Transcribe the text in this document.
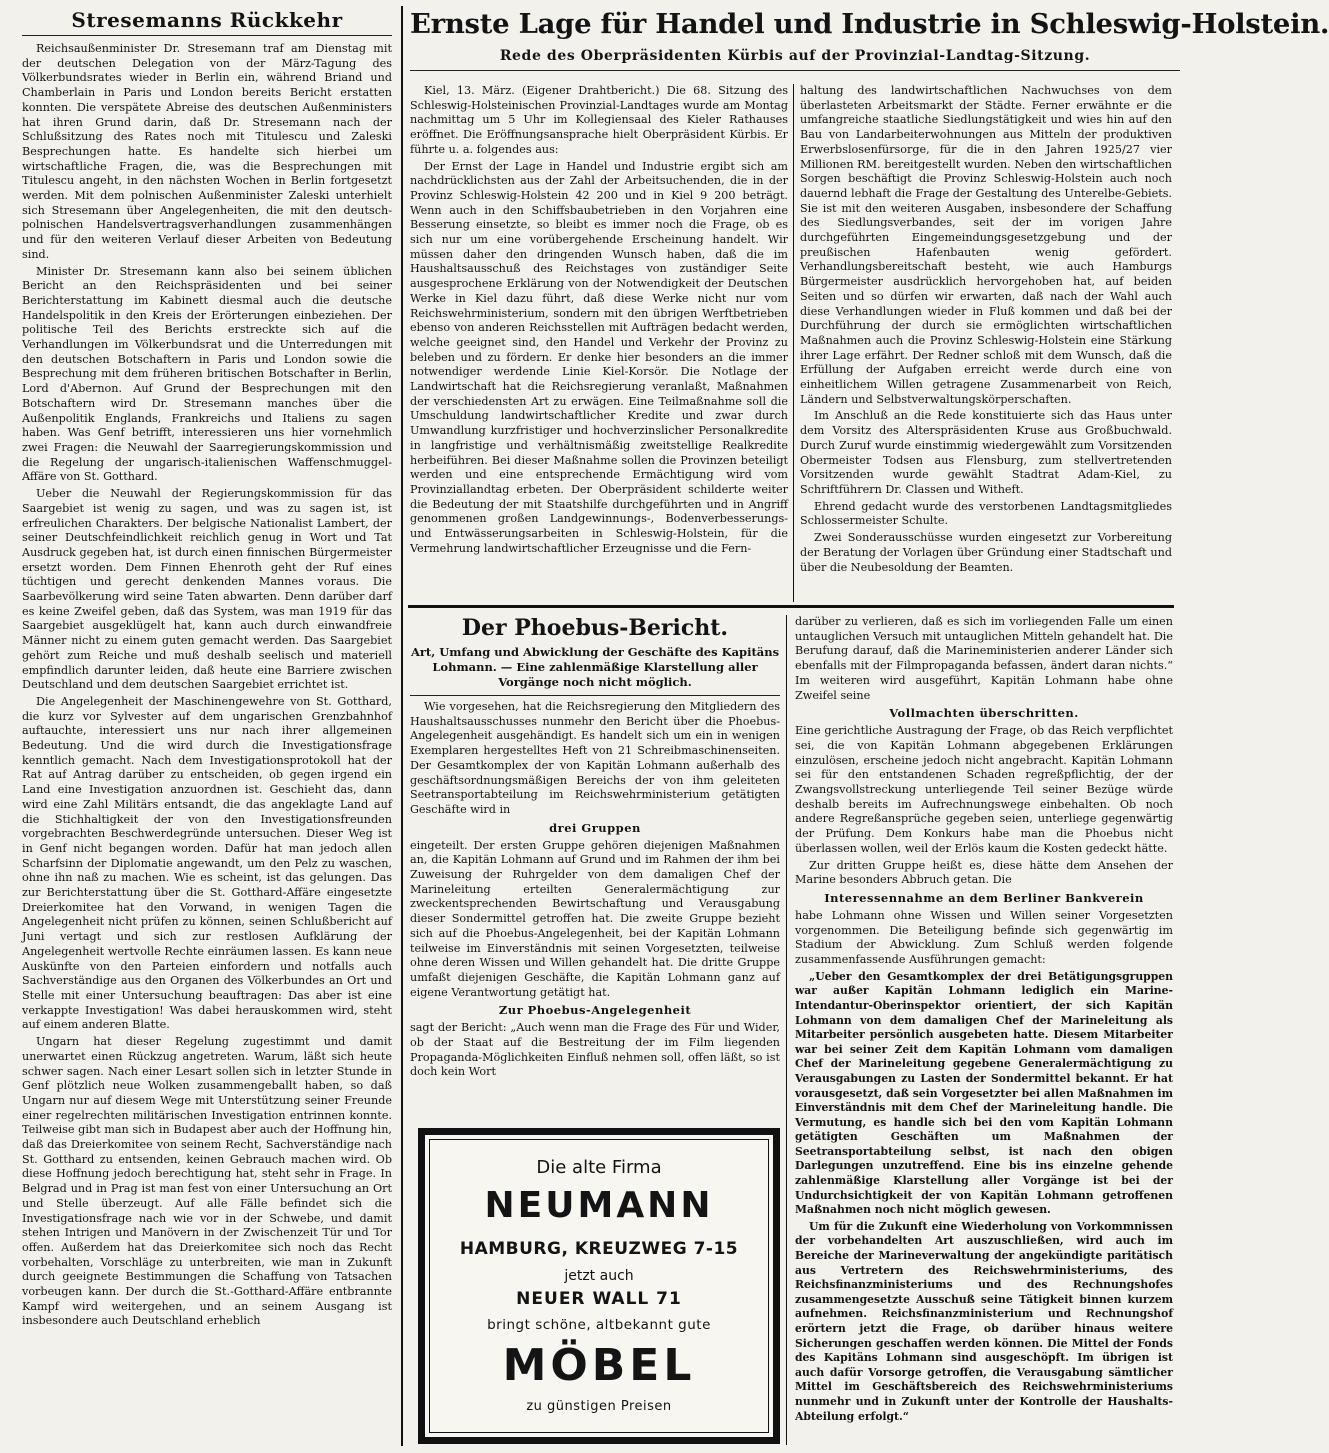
Stresemanns Rückkehr

Reichsaußenminister Dr. Stresemann traf am Dienstag mit der deutschen Delegation von der März-Tagung des Völkerbundsrates wieder in Berlin ein, während Briand und Chamberlain in Paris und London bereits Bericht erstatten konnten. Die verspätete Abreise des deutschen Außenministers hat ihren Grund darin, daß Dr. Stresemann nach der Schlußsitzung des Rates noch mit Titulescu und Zaleski Besprechungen hatte. Es handelte sich hierbei um wirtschaftliche Fragen, die, was die Besprechungen mit Titulescu angeht, in den nächsten Wochen in Berlin fortgesetzt werden. Mit dem polnischen Außenminister Zaleski unterhielt sich Stresemann über Angelegenheiten, die mit den deutsch-polnischen Handelsvertragsverhandlungen zusammenhängen und für den weiteren Verlauf dieser Arbeiten von Bedeutung sind.

Minister Dr. Stresemann kann also bei seinem üblichen Bericht an den Reichspräsidenten und bei seiner Berichterstattung im Kabinett diesmal auch die deutsche Handelspolitik in den Kreis der Erörterungen einbeziehen. Der politische Teil des Berichts erstreckte sich auf die Verhandlungen im Völkerbundsrat und die Unterredungen mit den deutschen Botschaftern in Paris und London sowie die Besprechung mit dem früheren britischen Botschafter in Berlin, Lord d'Abernon. Auf Grund der Besprechungen mit den Botschaftern wird Dr. Stresemann manches über die Außenpolitik Englands, Frankreichs und Italiens zu sagen haben. Was Genf betrifft, interessieren uns hier vornehmlich zwei Fragen: die Neuwahl der Saarregierungskommission und die Regelung der ungarisch-italienischen Waffenschmuggel-Affäre von St. Gotthard.

Ueber die Neuwahl der Regierungskommission für das Saargebiet ist wenig zu sagen, und was zu sagen ist, ist erfreulichen Charakters. Der belgische Nationalist Lambert, der seiner Deutschfeindlichkeit reichlich genug in Wort und Tat Ausdruck gegeben hat, ist durch einen finnischen Bürgermeister ersetzt worden. Dem Finnen Ehenroth geht der Ruf eines tüchtigen und gerecht denkenden Mannes voraus. Die Saarbevölkerung wird seine Taten abwarten. Denn darüber darf es keine Zweifel geben, daß das System, was man 1919 für das Saargebiet ausgeklügelt hat, kann auch durch einwandfreie Männer nicht zu einem guten gemacht werden. Das Saargebiet gehört zum Reiche und muß deshalb seelisch und materiell empfindlich darunter leiden, daß heute eine Barriere zwischen Deutschland und dem deutschen Saargebiet errichtet ist.

Die Angelegenheit der Maschinengewehre von St. Gotthard, die kurz vor Sylvester auf dem ungarischen Grenzbahnhof auftauchte, interessiert uns nur nach ihrer allgemeinen Bedeutung. Und die wird durch die Investigationsfrage kenntlich gemacht. Nach dem Investigationsprotokoll hat der Rat auf Antrag darüber zu entscheiden, ob gegen irgend ein Land eine Investigation anzuordnen ist. Geschieht das, dann wird eine Zahl Militärs entsandt, die das angeklagte Land auf die Stichhaltigkeit der von den Investigationsfreunden vorgebrachten Beschwerdegründe untersuchen. Dieser Weg ist in Genf nicht begangen worden. Dafür hat man jedoch allen Scharfsinn der Diplomatie angewandt, um den Pelz zu waschen, ohne ihn naß zu machen. Wie es scheint, ist das gelungen. Das zur Berichterstattung über die St. Gotthard-Affäre eingesetzte Dreierkomitee hat den Vorwand, in wenigen Tagen die Angelegenheit nicht prüfen zu können, seinen Schlußbericht auf Juni vertagt und sich zur restlosen Aufklärung der Angelegenheit wertvolle Rechte einräumen lassen. Es kann neue Auskünfte von den Parteien einfordern und notfalls auch Sachverständige aus den Organen des Völkerbundes an Ort und Stelle mit einer Untersuchung beauftragen: Das aber ist eine verkappte Investigation! Was dabei herauskommen wird, steht auf einem anderen Blatte.

Ungarn hat dieser Regelung zugestimmt und damit unerwartet einen Rückzug angetreten. Warum, läßt sich heute schwer sagen. Nach einer Lesart sollen sich in letzter Stunde in Genf plötzlich neue Wolken zusammengeballt haben, so daß Ungarn nur auf diesem Wege mit Unterstützung seiner Freunde einer regelrechten militärischen Investigation entrinnen konnte. Teilweise gibt man sich in Budapest aber auch der Hoffnung hin, daß das Dreierkomitee von seinem Recht, Sachverständige nach St. Gotthard zu entsenden, keinen Gebrauch machen wird. Ob diese Hoffnung jedoch berechtigung hat, steht sehr in Frage. In Belgrad und in Prag ist man fest von einer Untersuchung an Ort und Stelle überzeugt. Auf alle Fälle befindet sich die Investigationsfrage nach wie vor in der Schwebe, und damit stehen Intrigen und Manövern in der Zwischenzeit Tür und Tor offen. Außerdem hat das Dreierkomitee sich noch das Recht vorbehalten, Vorschläge zu unterbreiten, wie man in Zukunft durch geeignete Bestimmungen die Schaffung von Tatsachen vorbeugen kann. Der durch die St.-Gotthard-Affäre entbrannte Kampf wird weitergehen, und an seinem Ausgang ist insbesondere auch Deutschland erheblich

Ernste Lage für Handel und Industrie in Schleswig-Holstein.
Rede des Oberpräsidenten Kürbis auf der Provinzial-Landtag-Sitzung.

Kiel, 13. März. (Eigener Drahtbericht.) Die 68. Sitzung des Schleswig-Holsteinischen Provinzial-Landtages wurde am Montag nachmittag um 5 Uhr im Kollegiensaal des Kieler Rathauses eröffnet. Die Eröffnungsansprache hielt Oberpräsident Kürbis. Er führte u. a. folgendes aus:

Der Ernst der Lage in Handel und Industrie ergibt sich am nachdrücklichsten aus der Zahl der Arbeitsuchenden, die in der Provinz Schleswig-Holstein 42 200 und in Kiel 9 200 beträgt. Wenn auch in den Schiffsbaubetrieben in den Vorjahren eine Besserung einsetzte, so bleibt es immer noch die Frage, ob es sich nur um eine vorübergehende Erscheinung handelt. Wir müssen daher den dringenden Wunsch haben, daß die im Haushaltsausschuß des Reichstages von zuständiger Seite ausgesprochene Erklärung von der Notwendigkeit der Deutschen Werke in Kiel dazu führt, daß diese Werke nicht nur vom Reichswehrministerium, sondern mit den übrigen Werftbetrieben ebenso von anderen Reichsstellen mit Aufträgen bedacht werden, welche geeignet sind, den Handel und Verkehr der Provinz zu beleben und zu fördern. Er denke hier besonders an die immer notwendiger werdende Linie Kiel-Korsör. Die Notlage der Landwirtschaft hat die Reichsregierung veranlaßt, Maßnahmen der verschiedensten Art zu erwägen. Eine Teilmaßnahme soll die Umschuldung landwirtschaftlicher Kredite und zwar durch Umwandlung kurzfristiger und hochverzinslicher Personalkredite in langfristige und verhältnismäßig zweitstellige Realkredite herbeiführen. Bei dieser Maßnahme sollen die Provinzen beteiligt werden und eine entsprechende Ermächtigung wird vom Provinziallandtag erbeten. Der Oberpräsident schilderte weiter die Bedeutung der mit Staatshilfe durchgeführten und in Angriff genommenen großen Landgewinnungs-, Bodenverbesserungs- und Entwässerungsarbeiten in Schleswig-Holstein, für die Vermehrung landwirtschaftlicher Erzeugnisse und die Fern-

haltung des landwirtschaftlichen Nachwuchses von dem überlasteten Arbeitsmarkt der Städte. Ferner erwähnte er die umfangreiche staatliche Siedlungstätigkeit und wies hin auf den Bau von Landarbeiterwohnungen aus Mitteln der produktiven Erwerbslosenfürsorge, für die in den Jahren 1925/27 vier Millionen RM. bereitgestellt wurden. Neben den wirtschaftlichen Sorgen beschäftigt die Provinz Schleswig-Holstein auch noch dauernd lebhaft die Frage der Gestaltung des Unterelbe-Gebiets. Sie ist mit den weiteren Ausgaben, insbesondere der Schaffung des Siedlungsverbandes, seit der im vorigen Jahre durchgeführten Eingemeindungsgesetzgebung und der preußischen Hafenbauten wenig gefördert. Verhandlungsbereitschaft besteht, wie auch Hamburgs Bürgermeister ausdrücklich hervorgehoben hat, auf beiden Seiten und so dürfen wir erwarten, daß nach der Wahl auch diese Verhandlungen wieder in Fluß kommen und daß bei der Durchführung der durch sie ermöglichten wirtschaftlichen Maßnahmen auch die Provinz Schleswig-Holstein eine Stärkung ihrer Lage erfährt. Der Redner schloß mit dem Wunsch, daß die Erfüllung der Aufgaben erreicht werde durch eine von einheitlichem Willen getragene Zusammenarbeit von Reich, Ländern und Selbstverwaltungskörperschaften.

Im Anschluß an die Rede konstituierte sich das Haus unter dem Vorsitz des Alterspräsidenten Kruse aus Großbuchwald. Durch Zuruf wurde einstimmig wiedergewählt zum Vorsitzenden Obermeister Todsen aus Flensburg, zum stellvertretenden Vorsitzenden wurde gewählt Stadtrat Adam-Kiel, zu Schriftführern Dr. Classen und Witheft.

Ehrend gedacht wurde des verstorbenen Landtagsmitgliedes Schlossermeister Schulte.

Zwei Sonderausschüsse wurden eingesetzt zur Vorbereitung der Beratung der Vorlagen über Gründung einer Stadtschaft und über die Neubesoldung der Beamten.

Der Phoebus-Bericht.
Art, Umfang und Abwicklung der Geschäfte des Kapitäns Lohmann. — Eine zahlenmäßige Klarstellung aller Vorgänge noch nicht möglich.

Wie vorgesehen, hat die Reichsregierung den Mitgliedern des Haushaltsausschusses nunmehr den Bericht über die Phoebus-Angelegenheit ausgehändigt. Es handelt sich um ein in wenigen Exemplaren hergestelltes Heft von 21 Schreibmaschinenseiten. Der Gesamtkomplex der von Kapitän Lohmann außerhalb des geschäftsordnungsmäßigen Bereichs der von ihm geleiteten Seetransportabteilung im Reichswehrministerium getätigten Geschäfte wird in

drei Gruppen

eingeteilt. Der ersten Gruppe gehören diejenigen Maßnahmen an, die Kapitän Lohmann auf Grund und im Rahmen der ihm bei Zuweisung der Ruhrgelder von dem damaligen Chef der Marineleitung erteilten Generalermächtigung zur zweckentsprechenden Bewirtschaftung und Verausgabung dieser Sondermittel getroffen hat. Die zweite Gruppe bezieht sich auf die Phoebus-Angelegenheit, bei der Kapitän Lohmann teilweise im Einverständnis mit seinen Vorgesetzten, teilweise ohne deren Wissen und Willen gehandelt hat. Die dritte Gruppe umfaßt diejenigen Geschäfte, die Kapitän Lohmann ganz auf eigene Verantwortung getätigt hat.

Zur Phoebus-Angelegenheit

sagt der Bericht: „Auch wenn man die Frage des Für und Wider, ob der Staat auf die Bestreitung der im Film liegenden Propaganda-Möglichkeiten Einfluß nehmen soll, offen läßt, so ist doch kein Wort

darüber zu verlieren, daß es sich im vorliegenden Falle um einen untauglichen Versuch mit untauglichen Mitteln gehandelt hat. Die Berufung darauf, daß die Marineministerien anderer Länder sich ebenfalls mit der Filmpropaganda befassen, ändert daran nichts.“ Im weiteren wird ausgeführt, Kapitän Lohmann habe ohne Zweifel seine

Vollmachten überschritten.

Eine gerichtliche Austragung der Frage, ob das Reich verpflichtet sei, die von Kapitän Lohmann abgegebenen Erklärungen einzulösen, erscheine jedoch nicht angebracht. Kapitän Lohmann sei für den entstandenen Schaden regreßpflichtig, der der Zwangsvollstreckung unterliegende Teil seiner Bezüge würde deshalb bereits im Aufrechnungswege einbehalten. Ob noch andere Regreßansprüche gegeben seien, unterliege gegenwärtig der Prüfung. Dem Konkurs habe man die Phoebus nicht überlassen wollen, weil der Erlös kaum die Kosten gedeckt hätte.

Zur dritten Gruppe heißt es, diese hätte dem Ansehen der Marine besonders Abbruch getan. Die

Interessennahme an dem Berliner Bankverein

habe Lohmann ohne Wissen und Willen seiner Vorgesetzten vorgenommen. Die Beteiligung befinde sich gegenwärtig im Stadium der Abwicklung. Zum Schluß werden folgende zusammenfassende Ausführungen gemacht:

„Ueber den Gesamtkomplex der drei Betätigungsgruppen war außer Kapitän Lohmann lediglich ein Marine-Intendantur-Oberinspektor orientiert, der sich Kapitän Lohmann von dem damaligen Chef der Marineleitung als Mitarbeiter persönlich ausgebeten hatte. Diesem Mitarbeiter war bei seiner Zeit dem Kapitän Lohmann vom damaligen Chef der Marineleitung gegebene Generalermächtigung zu Verausgabungen zu Lasten der Sondermittel bekannt. Er hat vorausgesetzt, daß sein Vorgesetzter bei allen Maßnahmen im Einverständnis mit dem Chef der Marineleitung handle. Die Vermutung, es handle sich bei den vom Kapitän Lohmann getätigten Geschäften um Maßnahmen der Seetransportabteilung selbst, ist nach den obigen Darlegungen unzutreffend. Eine bis ins einzelne gehende zahlenmäßige Klarstellung aller Vorgänge ist bei der Undurchsichtigkeit der von Kapitän Lohmann getroffenen Maßnahmen noch nicht möglich gewesen.

Um für die Zukunft eine Wiederholung von Vorkommnissen der vorbehandelten Art auszuschließen, wird auch im Bereiche der Marineverwaltung der angekündigte paritätisch aus Vertretern des Reichswehrministeriums, des Reichsfinanzministeriums und des Rechnungshofes zusammengesetzte Ausschuß seine Tätigkeit binnen kurzem aufnehmen. Reichsfinanzministerium und Rechnungshof erörtern jetzt die Frage, ob darüber hinaus weitere Sicherungen geschaffen werden können. Die Mittel der Fonds des Kapitäns Lohmann sind ausgeschöpft. Im übrigen ist auch dafür Vorsorge getroffen, die Verausgabung sämtlicher Mittel im Geschäftsbereich des Reichswehrministeriums nunmehr und in Zukunft unter der Kontrolle der Haushalts-Abteilung erfolgt.“

Die alte Firma
NEUMANN
HAMBURG, KREUZWEG 7-15
jetzt auch
NEUER WALL 71
bringt schöne, altbekannt gute
MÖBEL
zu günstigen Preisen
